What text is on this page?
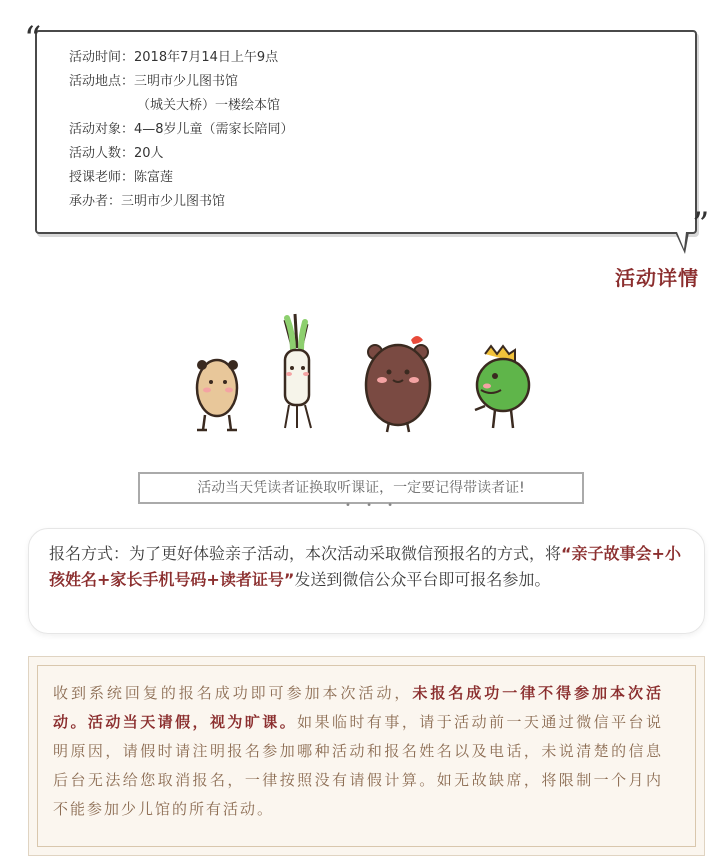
活动时间：2018年7月14日上午9点
活动地点：三明市少儿图书馆
（城关大桥）一楼绘本馆
活动对象：4—8岁儿童（需家长陪同）
活动人数：20人
授课老师：陈富莲
承办者：三明市少儿图书馆
“
”
活动详情
活动当天凭读者证换取听课证，一定要记得带读者证!
• • •
报名方式：为了更好体验亲子活动，本次活动采取微信预报名的方式，将“亲子故事会+小孩姓名+家长手机号码+读者证号”发送到微信公众平台即可报名参加。
收到系统回复的报名成功即可参加本次活动，未报名成功一律不得参加本次活动。活动当天请假，视为旷课。如果临时有事，请于活动前一天通过微信平台说明原因，请假时请注明报名参加哪种活动和报名姓名以及电话，未说清楚的信息后台无法给您取消报名，一律按照没有请假计算。如无故缺席，将限制一个月内不能参加少儿馆的所有活动。
